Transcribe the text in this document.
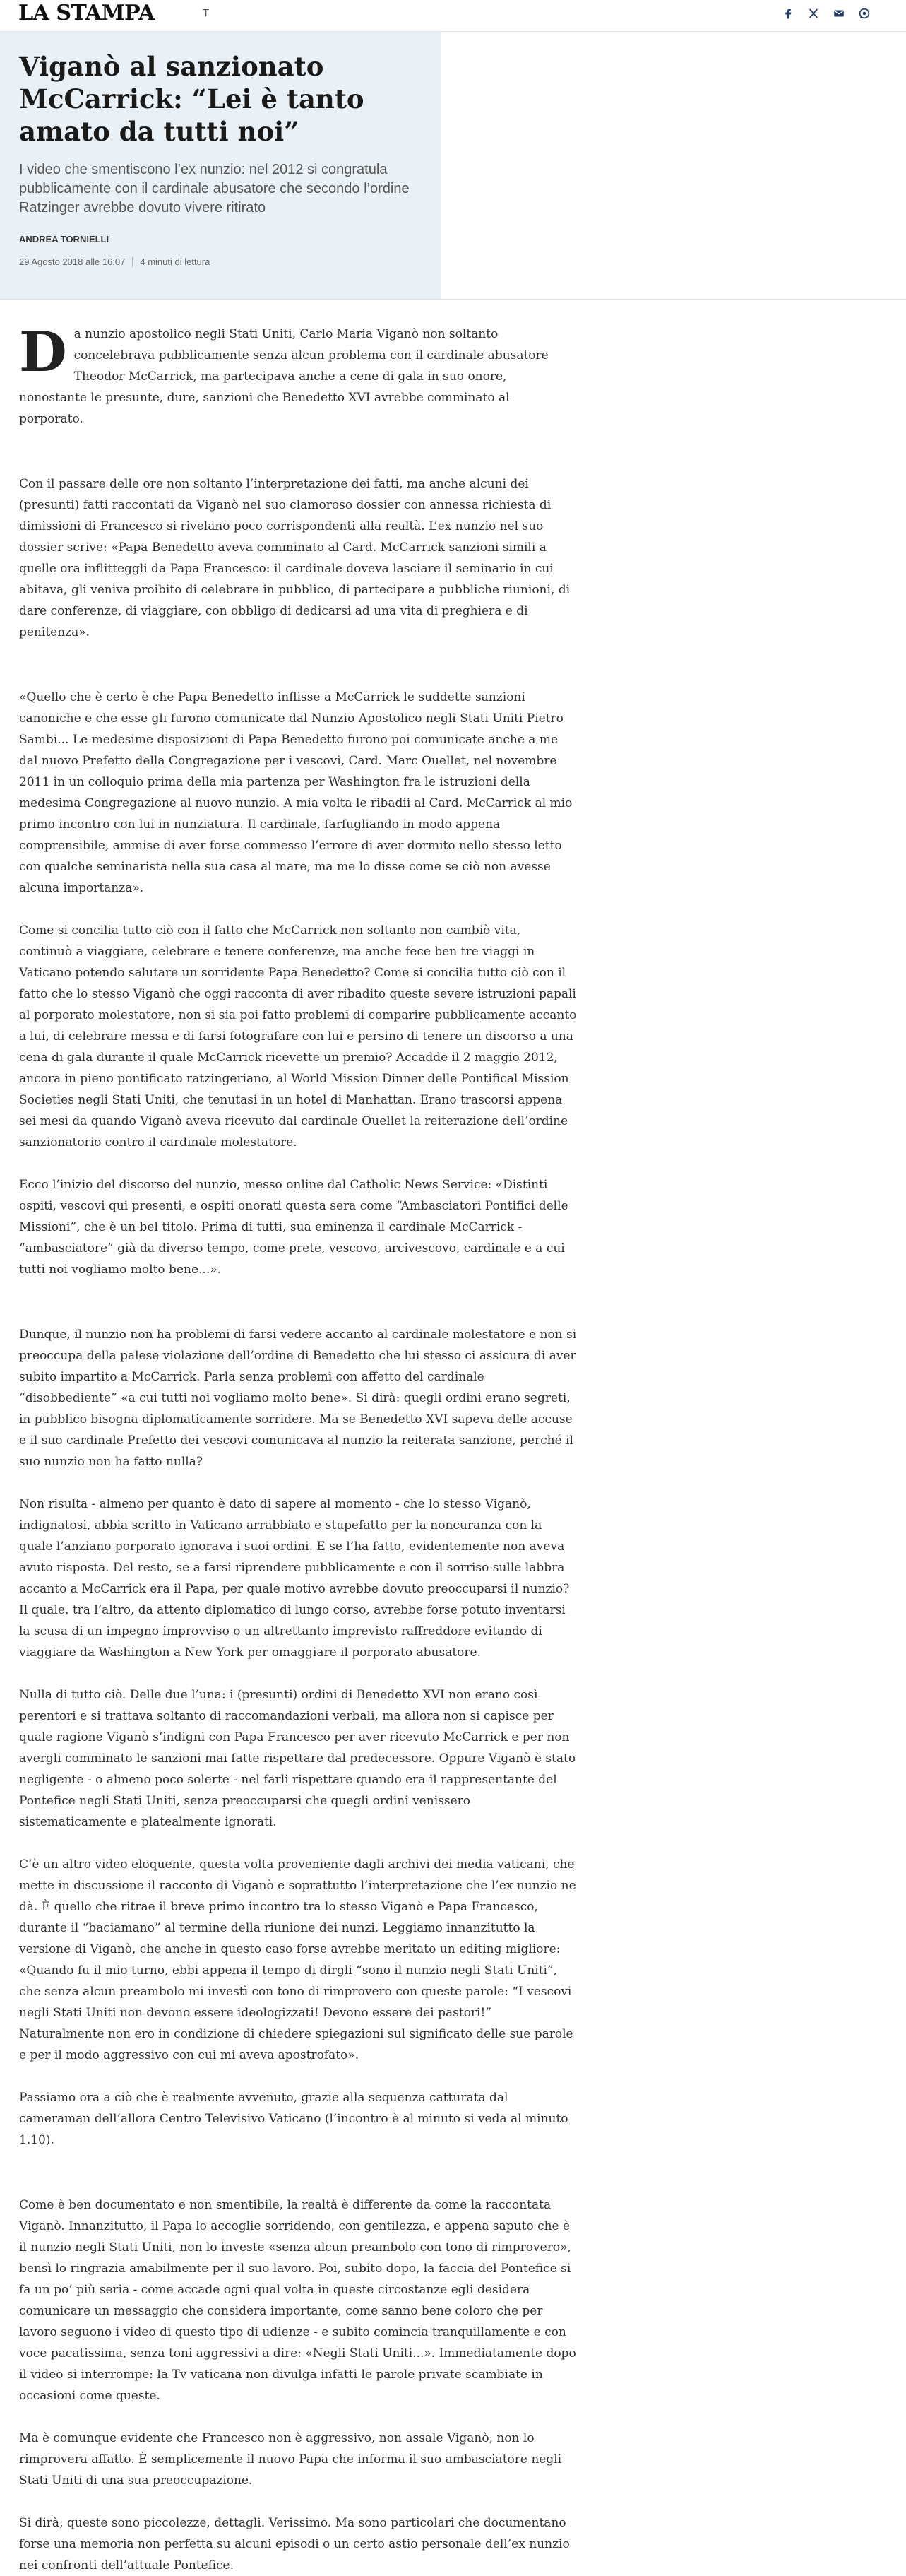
LA STAMPA	T
Viganò al sanzionato McCarrick: “Lei è tanto amato da tutti noi”

I video che smentiscono l’ex nunzio: nel 2012 si congratula pubblicamente con il cardinale abusatore che secondo l’ordine Ratzinger avrebbe dovuto vivere ritirato

ANDREA TORNIELLI
29 Agosto 2018 alle 16:07 4 minuti di lettura

Da nunzio apostolico negli Stati Uniti, Carlo Maria Viganò non soltanto concelebrava pubblicamente senza alcun problema con il cardinale abusatore Theodor McCarrick, ma partecipava anche a cene di gala in suo onore, nonostante le presunte, dure, sanzioni che Benedetto XVI avrebbe comminato al porporato.

Con il passare delle ore non soltanto l’interpretazione dei fatti, ma anche alcuni dei (presunti) fatti raccontati da Viganò nel suo clamoroso dossier con annessa richiesta di dimissioni di Francesco si rivelano poco corrispondenti alla realtà. L’ex nunzio nel suo dossier scrive: «Papa Benedetto aveva comminato al Card. McCarrick sanzioni simili a quelle ora inflitteggli da Papa Francesco: il cardinale doveva lasciare il seminario in cui abitava, gli veniva proibito di celebrare in pubblico, di partecipare a pubbliche riunioni, di dare conferenze, di viaggiare, con obbligo di dedicarsi ad una vita di preghiera e di penitenza».

«Quello che è certo è che Papa Benedetto inflisse a McCarrick le suddette sanzioni canoniche e che esse gli furono comunicate dal Nunzio Apostolico negli Stati Uniti Pietro Sambi... Le medesime disposizioni di Papa Benedetto furono poi comunicate anche a me dal nuovo Prefetto della Congregazione per i vescovi, Card. Marc Ouellet, nel novembre 2011 in un colloquio prima della mia partenza per Washington fra le istruzioni della medesima Congregazione al nuovo nunzio. A mia volta le ribadii al Card. McCarrick al mio primo incontro con lui in nunziatura. Il cardinale, farfugliando in modo appena comprensibile, ammise di aver forse commesso l’errore di aver dormito nello stesso letto con qualche seminarista nella sua casa al mare, ma me lo disse come se ciò non avesse alcuna importanza».

Come si concilia tutto ciò con il fatto che McCarrick non soltanto non cambiò vita, continuò a viaggiare, celebrare e tenere conferenze, ma anche fece ben tre viaggi in Vaticano potendo salutare un sorridente Papa Benedetto? Come si concilia tutto ciò con il fatto che lo stesso Viganò che oggi racconta di aver ribadito queste severe istruzioni papali al porporato molestatore, non si sia poi fatto problemi di comparire pubblicamente accanto a lui, di celebrare messa e di farsi fotografare con lui e persino di tenere un discorso a una cena di gala durante il quale McCarrick ricevette un premio? Accadde il 2 maggio 2012, ancora in pieno pontificato ratzingeriano, al World Mission Dinner delle Pontifical Mission Societies negli Stati Uniti, che tenutasi in un hotel di Manhattan. Erano trascorsi appena sei mesi da quando Viganò aveva ricevuto dal cardinale Ouellet la reiterazione dell’ordine sanzionatorio contro il cardinale molestatore.

Ecco l’inizio del discorso del nunzio, messo online dal Catholic News Service: «Distinti ospiti, vescovi qui presenti, e ospiti onorati questa sera come “Ambasciatori Pontifici delle Missioni”, che è un bel titolo. Prima di tutti, sua eminenza il cardinale McCarrick - “ambasciatore” già da diverso tempo, come prete, vescovo, arcivescovo, cardinale e a cui tutti noi vogliamo molto bene...».

Dunque, il nunzio non ha problemi di farsi vedere accanto al cardinale molestatore e non si preoccupa della palese violazione dell’ordine di Benedetto che lui stesso ci assicura di aver subito impartito a McCarrick. Parla senza problemi con affetto del cardinale “disobbediente” «a cui tutti noi vogliamo molto bene». Si dirà: quegli ordini erano segreti, in pubblico bisogna diplomaticamente sorridere. Ma se Benedetto XVI sapeva delle accuse e il suo cardinale Prefetto dei vescovi comunicava al nunzio la reiterata sanzione, perché il suo nunzio non ha fatto nulla?

Non risulta - almeno per quanto è dato di sapere al momento - che lo stesso Viganò, indignatosi, abbia scritto in Vaticano arrabbiato e stupefatto per la noncuranza con la quale l’anziano porporato ignorava i suoi ordini. E se l’ha fatto, evidentemente non aveva avuto risposta. Del resto, se a farsi riprendere pubblicamente e con il sorriso sulle labbra accanto a McCarrick era il Papa, per quale motivo avrebbe dovuto preoccuparsi il nunzio? Il quale, tra l’altro, da attento diplomatico di lungo corso, avrebbe forse potuto inventarsi la scusa di un impegno improvviso o un altrettanto imprevisto raffreddore evitando di viaggiare da Washington a New York per omaggiare il porporato abusatore.

Nulla di tutto ciò. Delle due l’una: i (presunti) ordini di Benedetto XVI non erano così perentori e si trattava soltanto di raccomandazioni verbali, ma allora non si capisce per quale ragione Viganò s’indigni con Papa Francesco per aver ricevuto McCarrick e per non avergli comminato le sanzioni mai fatte rispettare dal predecessore. Oppure Viganò è stato negligente - o almeno poco solerte - nel farli rispettare quando era il rappresentante del Pontefice negli Stati Uniti, senza preoccuparsi che quegli ordini venissero sistematicamente e platealmente ignorati.

C’è un altro video eloquente, questa volta proveniente dagli archivi dei media vaticani, che mette in discussione il racconto di Viganò e soprattutto l’interpretazione che l’ex nunzio ne dà. È quello che ritrae il breve primo incontro tra lo stesso Viganò e Papa Francesco, durante il “baciamano” al termine della riunione dei nunzi. Leggiamo innanzitutto la versione di Viganò, che anche in questo caso forse avrebbe meritato un editing migliore: «Quando fu il mio turno, ebbi appena il tempo di dirgli “sono il nunzio negli Stati Uniti”, che senza alcun preambolo mi investì con tono di rimprovero con queste parole: “I vescovi negli Stati Uniti non devono essere ideologizzati! Devono essere dei pastori!” Naturalmente non ero in condizione di chiedere spiegazioni sul significato delle sue parole e per il modo aggressivo con cui mi aveva apostrofato».

Passiamo ora a ciò che è realmente avvenuto, grazie alla sequenza catturata dal cameraman dell’allora Centro Televisivo Vaticano (l’incontro è al minuto si veda al minuto 1.10).

Come è ben documentato e non smentibile, la realtà è differente da come la raccontata Viganò. Innanzitutto, il Papa lo accoglie sorridendo, con gentilezza, e appena saputo che è il nunzio negli Stati Uniti, non lo investe «senza alcun preambolo con tono di rimprovero», bensì lo ringrazia amabilmente per il suo lavoro. Poi, subito dopo, la faccia del Pontefice si fa un po’ più seria - come accade ogni qual volta in queste circostanze egli desidera comunicare un messaggio che considera importante, come sanno bene coloro che per lavoro seguono i video di questo tipo di udienze - e subito comincia tranquillamente e con voce pacatissima, senza toni aggressivi a dire: «Negli Stati Uniti...». Immediatamente dopo il video si interrompe: la Tv vaticana non divulga infatti le parole private scambiate in occasioni come queste.

Ma è comunque evidente che Francesco non è aggressivo, non assale Viganò, non lo rimprovera affatto. È semplicemente il nuovo Papa che informa il suo ambasciatore negli Stati Uniti di una sua preoccupazione.

Si dirà, queste sono piccolezze, dettagli. Verissimo. Ma sono particolari che documentano forse una memoria non perfetta su alcuni episodi o un certo astio personale dell’ex nunzio nei confronti dell’attuale Pontefice.
